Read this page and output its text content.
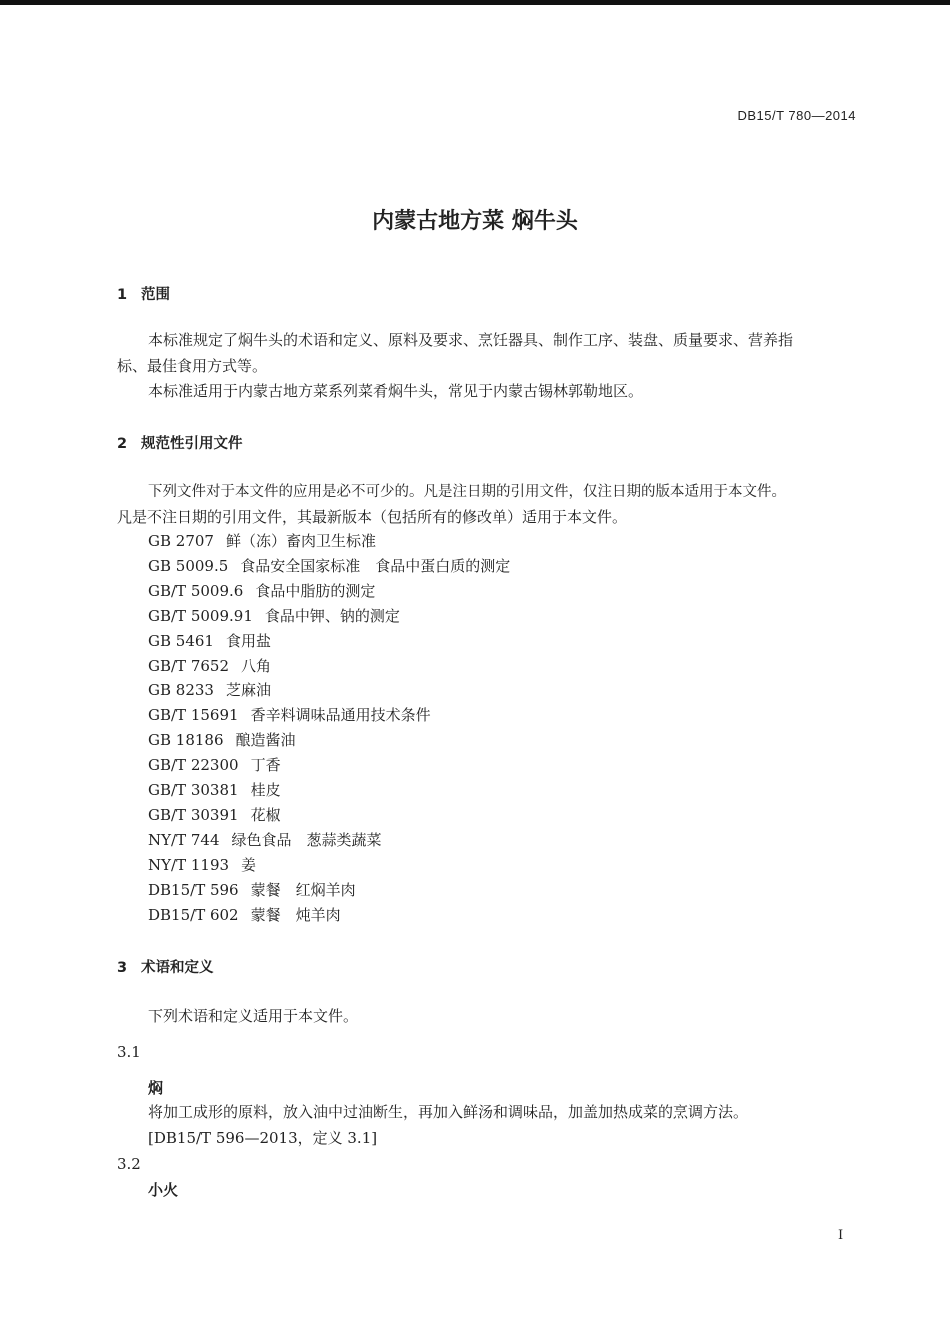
DB15/T 780—2014
内蒙古地方菜 焖牛头
1 范围
本标准规定了焖牛头的术语和定义、原料及要求、烹饪器具、制作工序、装盘、质量要求、营养指
标、最佳食用方式等。
本标准适用于内蒙古地方菜系列菜肴焖牛头，常见于内蒙古锡林郭勒地区。
2 规范性引用文件
下列文件对于本文件的应用是必不可少的。凡是注日期的引用文件，仅注日期的版本适用于本文件。
凡是不注日期的引用文件，其最新版本（包括所有的修改单）适用于本文件。
GB 2707 鲜（冻）畜肉卫生标准
GB 5009.5 食品安全国家标准　食品中蛋白质的测定
GB/T 5009.6 食品中脂肪的测定
GB/T 5009.91 食品中钾、钠的测定
GB 5461 食用盐
GB/T 7652 八角
GB 8233 芝麻油
GB/T 15691 香辛料调味品通用技术条件
GB 18186 酿造酱油
GB/T 22300 丁香
GB/T 30381 桂皮
GB/T 30391 花椒
NY/T 744 绿色食品　葱蒜类蔬菜
NY/T 1193 姜
DB15/T 596 蒙餐　红焖羊肉
DB15/T 602 蒙餐　炖羊肉
3 术语和定义
下列术语和定义适用于本文件。
3.1
焖
将加工成形的原料，放入油中过油断生，再加入鲜汤和调味品，加盖加热成菜的烹调方法。
[DB15/T 596—2013，定义 3.1]
3.2
小火
I
